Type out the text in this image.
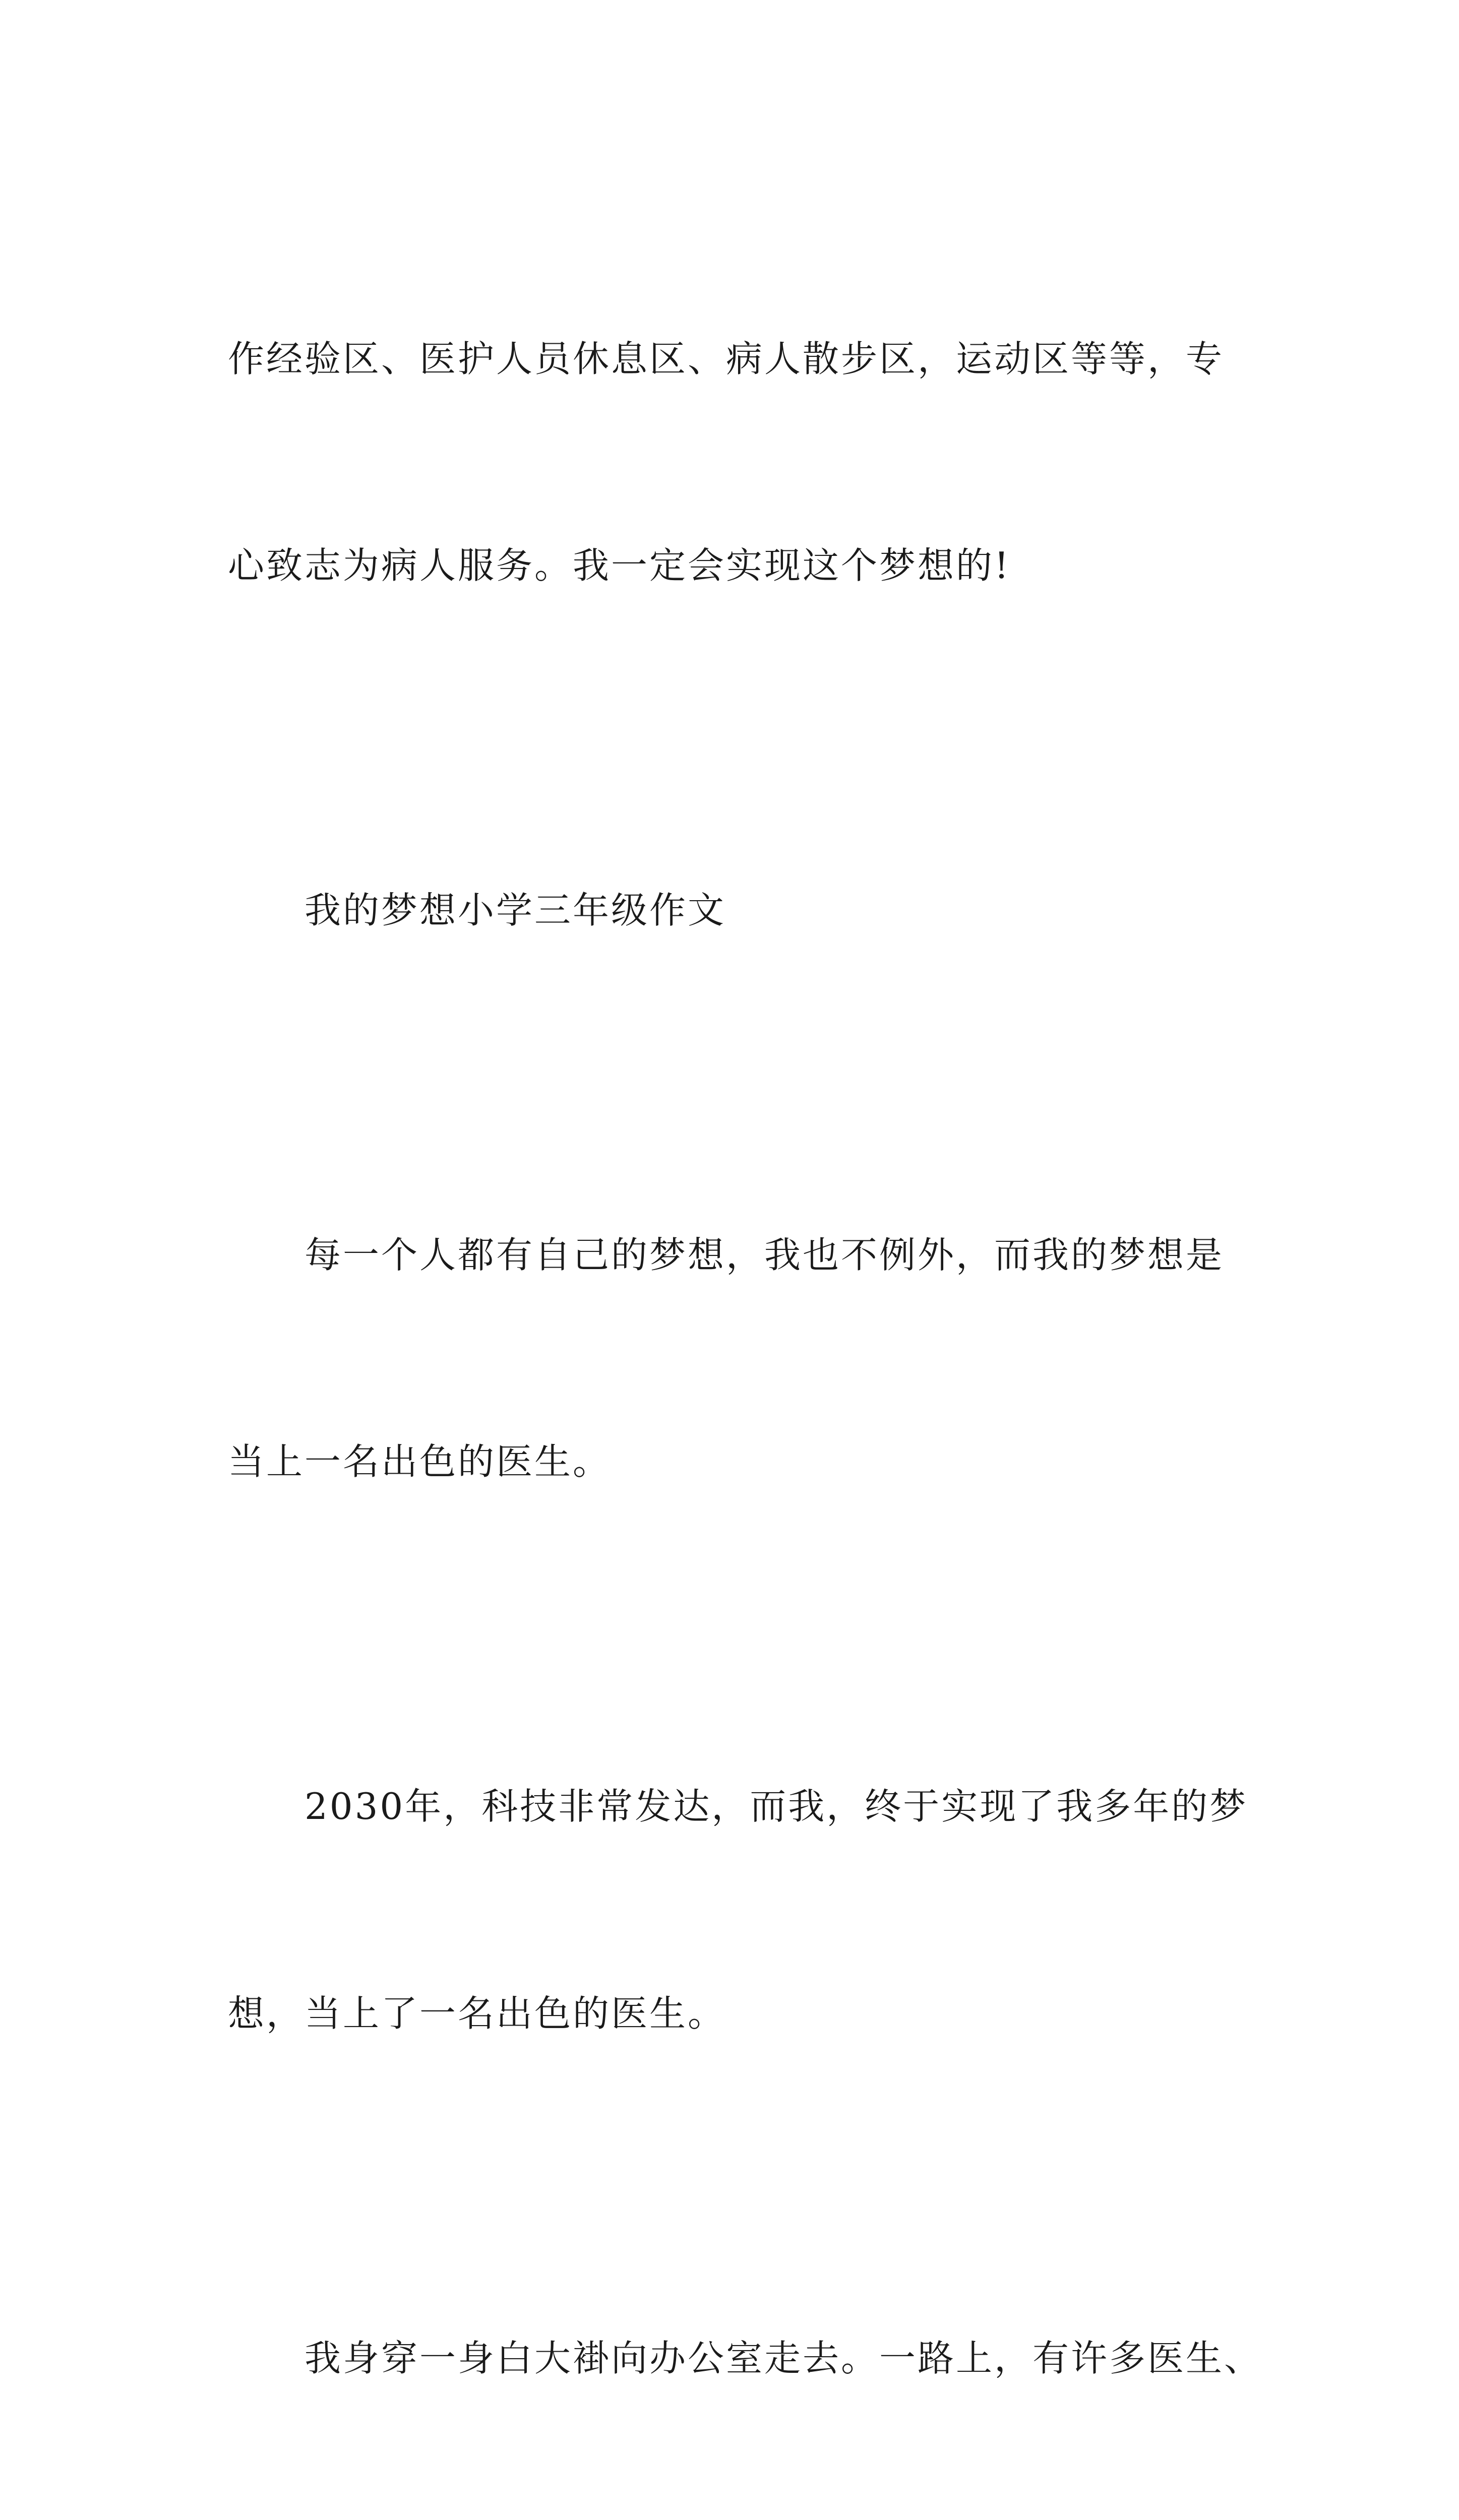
作经验区、医护人员休息区、病人散步区，运动区等等，专

心致志为病人服务。我一定会实现这个梦想的!

我的梦想小学三年级作文

每一个人都有自己的梦想，我也不例外，而我的梦想是

当上一名出色的医生。

2030年，科技非常发达，而我，终于实现了我多年的梦

想，当上了一名出色的医生。

我身穿一身白大褂向办公室走去。一路上，有许多医生、
